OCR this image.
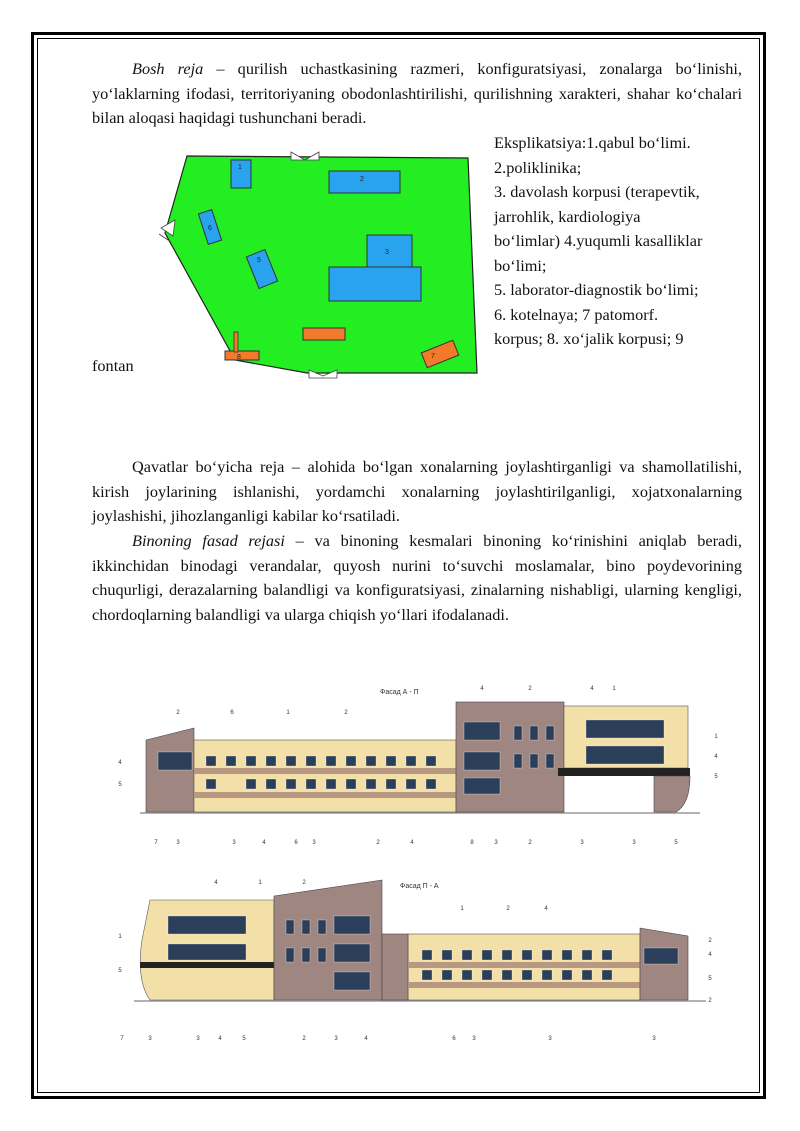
Bosh reja – qurilish uchastkasining razmeri, konfiguratsiyasi, zonalarga bo‘linishi, yo‘laklarning ifodasi, territoriyaning obodonlashtirilishi, qurilishning xarakteri, shahar ko‘chalari bilan aloqasi haqidagi tushunchani beradi.

Eksplikatsiya:1.qabul bo‘limi.
2.poliklinika;
3. davolash korpusi (terapevtik,
jarrohlik, kardiologiya
bo‘limlar) 4.yuqumli kasalliklar
bo‘limi;
5. laborator-diagnostik bo‘limi;
6. kotelnaya; 7 patomorf.
korpus; 8. xo‘jalik korpusi; 9
fontan
1
2
3
5
6
7
8

Qavatlar bo‘yicha reja – alohida bo‘lgan xonalarning joylashtirganligi va shamollatilishi, kirish joylarining ishlanishi, yordamchi xonalarning joylashtirilganligi, xojatxonalarning joylashishi, jihozlanganligi kabilar ko‘rsatiladi.

Binoning fasad rejasi – va binoning kesmalari binoning ko‘rinishini aniqlab beradi, ikkinchidan binodagi verandalar, quyosh nurini to‘suvchi moslamalar, bino poydevorining chuqurligi, derazalarning balandligi va konfiguratsiyasi, zinalarning nishabligi, ularning kengligi, chordoqlarning balandligi va ularga chiqish yo‘llari ifodalanadi.

Фасад А - П
2	6	1	2
4	2	4	1
4
5
1
4
5
7	3	3	4	6 3	2	4	8	3	2	3	3	5
Фасад П - А
4	1	2
1	2	4
1
5
2
4
5
2
7	3	3	4	5	2	3	4	6	3	3	3
